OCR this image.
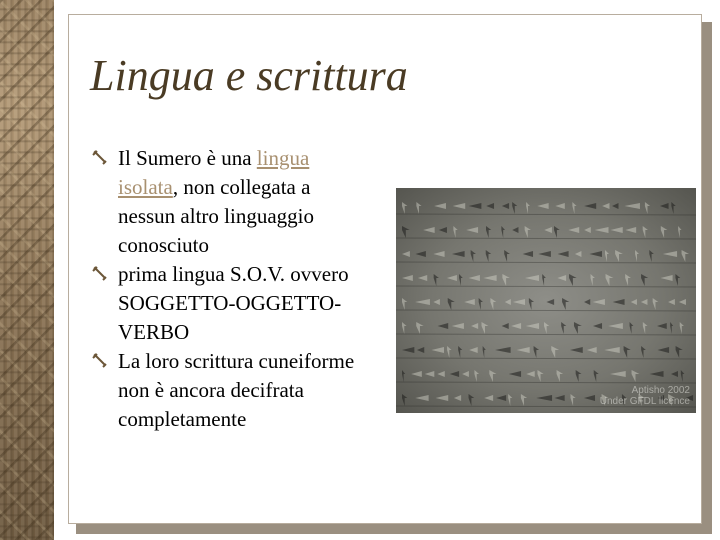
Lingua e scrittura
Il Sumero è una lingua isolata, non collegata a nessun altro linguaggio conosciuto
prima lingua S.O.V. ovvero SOGGETTO-OGGETTO-VERBO
La loro scrittura cuneiforme non è ancora decifrata completamente
Aptisho 2002
Under GFDL licence
